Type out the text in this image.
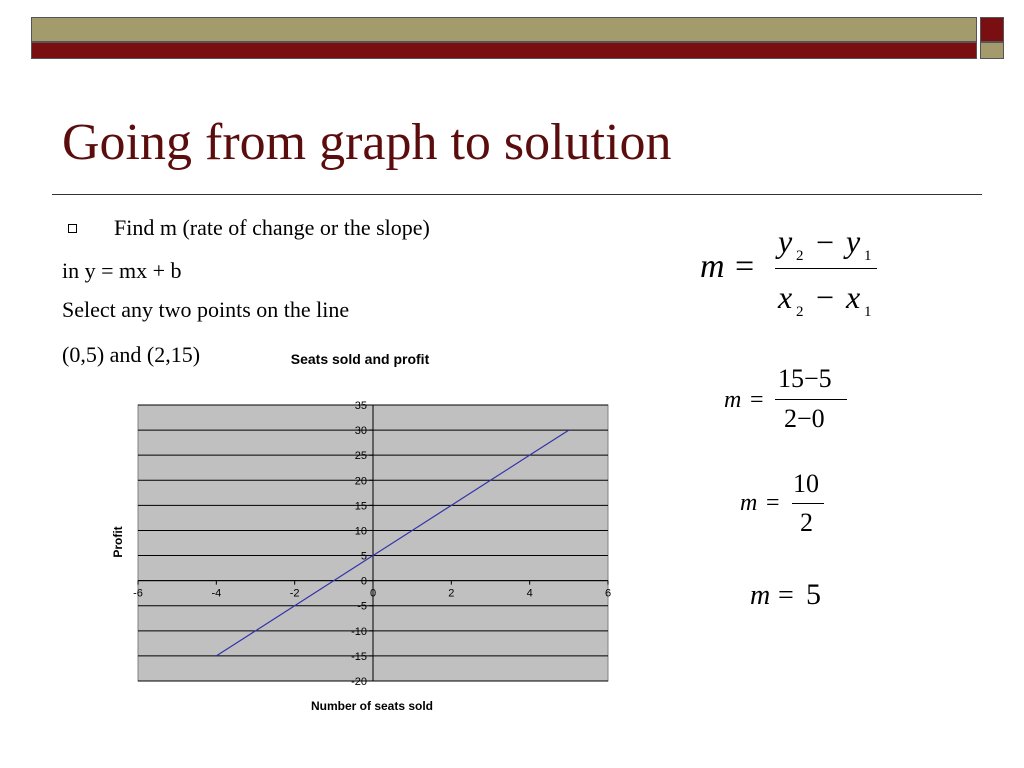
Going from graph to solution
Find m (rate of change or the slope)
in y = mx + b
Select any two points on the line
(0,5) and (2,15)
m =
y 2 − y 1
x 2 − x 1
m =
15−5
2−0
m =
10
2
m = 5
Seats sold and profit
35
30
25
20
15
10
5
0
-5
-10
-15
-20
-6	-4	-2	0	2	4	6
Number of seats sold
Profit
